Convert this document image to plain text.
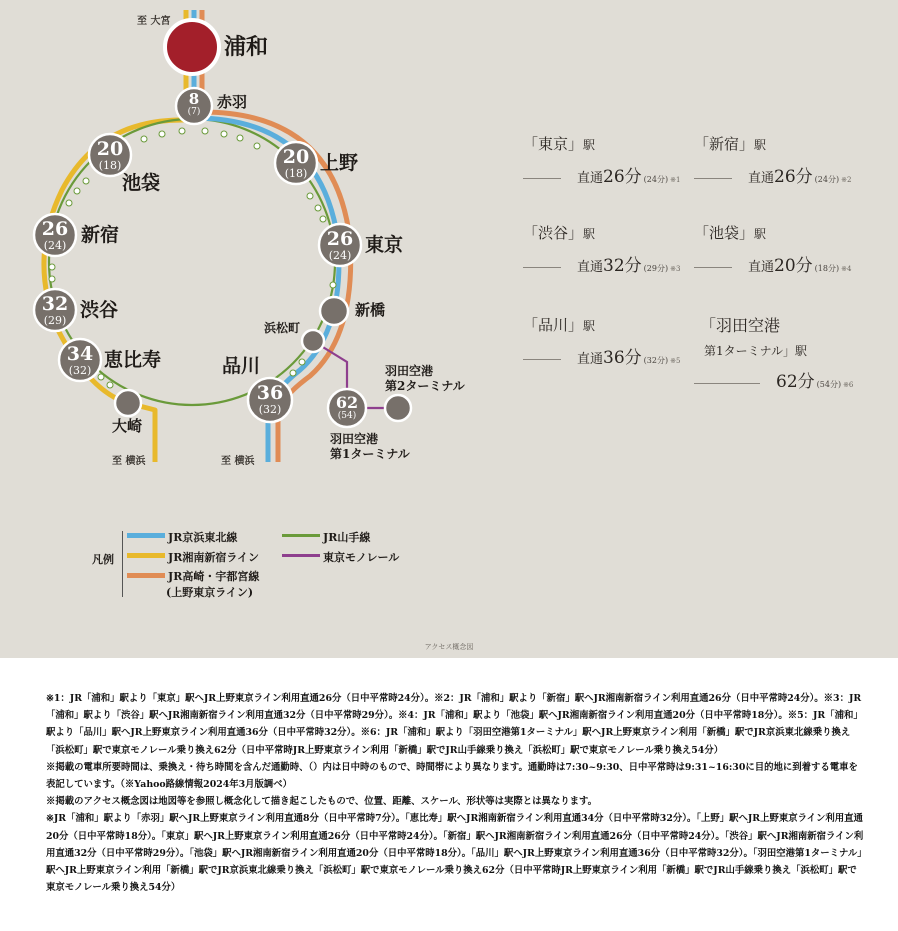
至 大宮
浦和
8
(7)
20
(18)
26
(24)
32
(29)
34
(32)
20
(18)
26
(24)
36
(32)	62
(54)
赤羽
池袋
新宿
渋谷
恵比寿
大崎
上野
東京
新橋
浜松町
品川
羽田空港
第1ターミナル
羽田空港
第2ターミナル
至 横浜	至 横浜
「東京」駅
直通 26分 (24分) ※1
「新宿」駅
直通 26分 (24分) ※2
「渋谷」駅
直通 32分 (29分) ※3
「池袋」駅
直通 20分 (18分) ※4
「品川」駅
直通 36分 (32分) ※5
「羽田空港
第1ターミナル」駅
62分 (54分) ※6
凡例
JR京浜東北線
JR湘南新宿ライン
JR高崎・宇都宮線
(上野東京ライン)
JR山手線
東京モノレール
アクセス概念図

※1：JR「浦和」駅より「東京」駅へJR上野東京ライン利用直通26分（日中平常時24分）。※2：JR「浦和」駅より「新宿」駅へJR湘南新宿ライン利用直通26分（日中平常時24分）。※3：JR「浦和」駅より「渋谷」駅へJR湘南新宿ライン利用直通32分（日中平常時29分）。※4：JR「浦和」駅より「池袋」駅へJR湘南新宿ライン利用直通20分（日中平常時18分）。※5：JR「浦和」駅より「品川」駅へJR上野東京ライン利用直通36分（日中平常時32分）。※6：JR「浦和」駅より「羽田空港第1ターミナル」駅へJR上野東京ライン利用「新橋」駅でJR京浜東北線乗り換え「浜松町」駅で東京モノレール乗り換え62分（日中平常時JR上野東京ライン利用「新橋」駅でJR山手線乗り換え「浜松町」駅で東京モノレール乗り換え54分）

※掲載の電車所要時間は、乗換え・待ち時間を含んだ通勤時、（）内は日中時のもので、時間帯により異なります。通勤時は7:30~9:30、日中平常時は9:31~16:30に目的地に到着する電車を表記しています。（※Yahoo路線情報2024年3月版調べ）

※掲載のアクセス概念図は地図等を参照し概念化して描き起こしたもので、位置、距離、スケール、形状等は実際とは異なります。

※JR「浦和」駅より「赤羽」駅へJR上野東京ライン利用直通8分（日中平常時7分）。「恵比寿」駅へJR湘南新宿ライン利用直通34分（日中平常時32分）。「上野」駅へJR上野東京ライン利用直通20分（日中平常時18分）。「東京」駅へJR上野東京ライン利用直通26分（日中平常時24分）。「新宿」駅へJR湘南新宿ライン利用直通26分（日中平常時24分）。「渋谷」駅へJR湘南新宿ライン利用直通32分（日中平常時29分）。「池袋」駅へJR湘南新宿ライン利用直通20分（日中平常時18分）。「品川」駅へJR上野東京ライン利用直通36分（日中平常時32分）。「羽田空港第1ターミナル」駅へJR上野東京ライン利用「新橋」駅でJR京浜東北線乗り換え「浜松町」駅で東京モノレール乗り換え62分（日中平常時JR上野東京ライン利用「新橋」駅でJR山手線乗り換え「浜松町」駅で東京モノレール乗り換え54分）
